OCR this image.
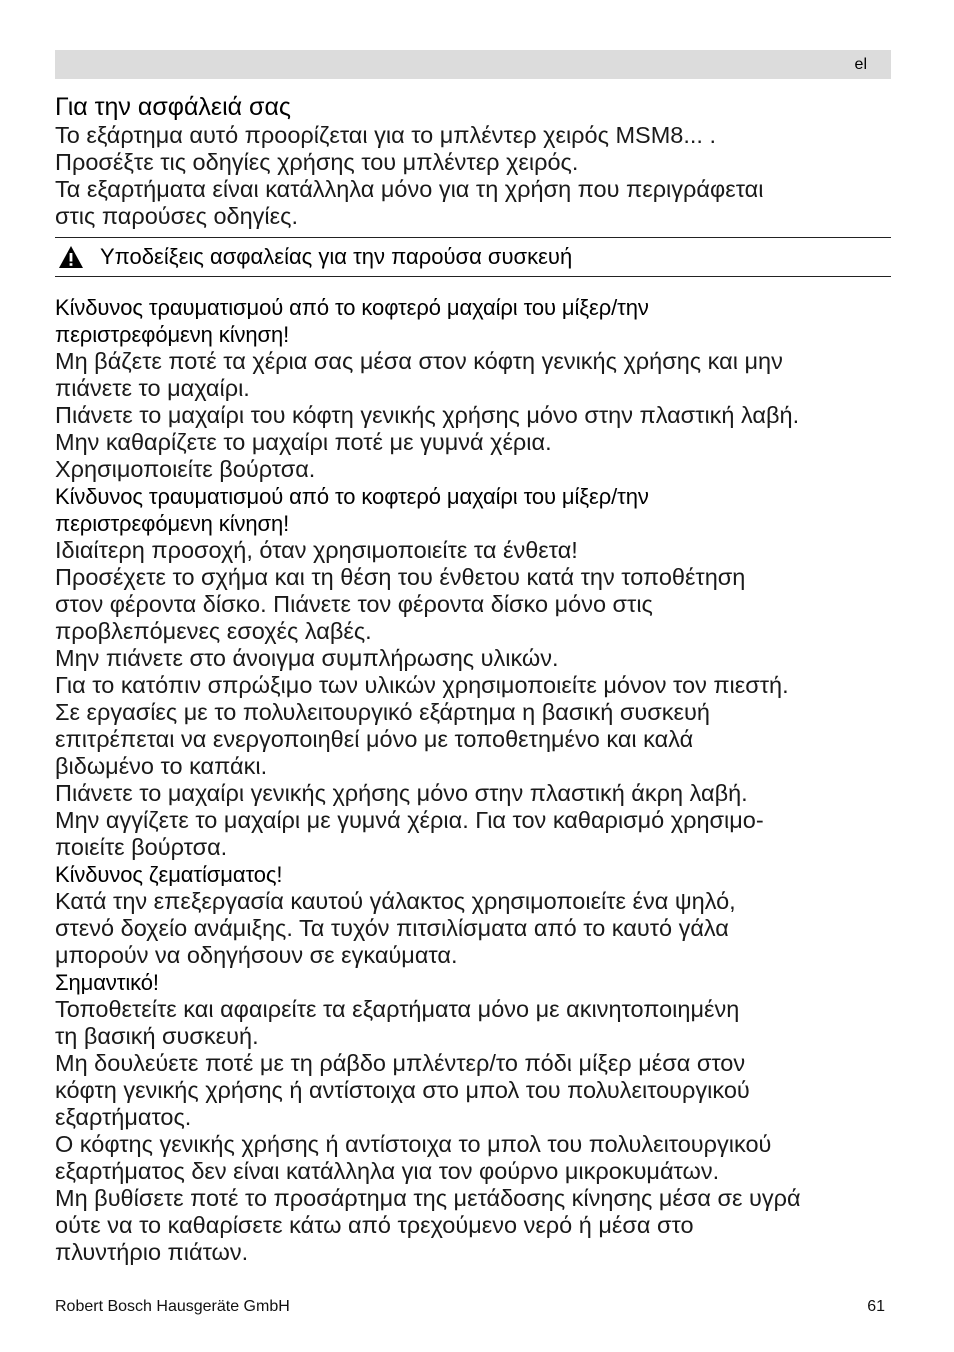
el
Για την ασφάλειά σας
Το εξάρτημα αυτό προορίζεται για το μπλέντερ χειρός MSM8... .
Προσέξτε τις οδηγίες χρήσης του μπλέντερ χειρός.
Τα εξαρτήματα είναι κατάλληλα μόνο για τη χρήση που περιγράφεται
στις παρούσες οδηγίες.
Υποδείξεις ασφαλείας για την παρούσα συσκευή
Κίνδυνος τραυματισμού από το κοφτερό μαχαίρι του μίξερ/την
περιστρεφόμενη κίνηση!
Μη βάζετε ποτέ τα χέρια σας μέσα στον κόφτη γενικής χρήσης και μην
πιάνετε το μαχαίρι.
Πιάνετε το μαχαίρι του κόφτη γενικής χρήσης μόνο στην πλαστική λαβή.
Μην καθαρίζετε το μαχαίρι ποτέ με γυμνά χέρια.
Χρησιμοποιείτε βούρτσα.
Κίνδυνος τραυματισμού από το κοφτερό μαχαίρι του μίξερ/την
περιστρεφόμενη κίνηση!
Ιδιαίτερη προσοχή, όταν χρησιμοποιείτε τα ένθετα!
Προσέχετε το σχήμα και τη θέση του ένθετου κατά την τοποθέτηση
στον φέροντα δίσκο. Πιάνετε τον φέροντα δίσκο μόνο στις
προβλεπόμενες εσοχές λαβές.
Μην πιάνετε στο άνοιγμα συμπλήρωσης υλικών.
Για το κατόπιν σπρώξιμο των υλικών χρησιμοποιείτε μόνον τον πιεστή.
Σε εργασίες με το πολυλειτουργικό εξάρτημα η βασική συσκευή
επιτρέπεται να ενεργοποιηθεί μόνο με τοποθετημένο και καλά
βιδωμένο το καπάκι.
Πιάνετε το μαχαίρι γενικής χρήσης μόνο στην πλαστική άκρη λαβή.
Μην αγγίζετε το μαχαίρι με γυμνά χέρια. Για τον καθαρισμό χρησιμο-
ποιείτε βούρτσα.
Κίνδυνος ζεματίσματος!
Κατά την επεξεργασία καυτού γάλακτος χρησιμοποιείτε ένα ψηλό,
στενό δοχείο ανάμιξης. Τα τυχόν πιτσιλίσματα από το καυτό γάλα
μπορούν να οδηγήσουν σε εγκαύματα.
Σημαντικό!
Τοποθετείτε και αφαιρείτε τα εξαρτήματα μόνο με ακινητοποιημένη
τη βασική συσκευή.
Μη δουλεύετε ποτέ με τη ράβδο μπλέντερ/το πόδι μίξερ μέσα στον
κόφτη γενικής χρήσης ή αντίστοιχα στο μπολ του πολυλειτουργικού
εξαρτήματος.
Ο κόφτης γενικής χρήσης ή αντίστοιχα το μπολ του πολυλειτουργικού
εξαρτήματος δεν είναι κατάλληλα για τον φούρνο μικροκυμάτων.
Μη βυθίσετε ποτέ το προσάρτημα της μετάδοσης κίνησης μέσα σε υγρά
ούτε να το καθαρίσετε κάτω από τρεχούμενο νερό ή μέσα στο
πλυντήριο πιάτων.
Robert Bosch Hausgeräte GmbH	61
